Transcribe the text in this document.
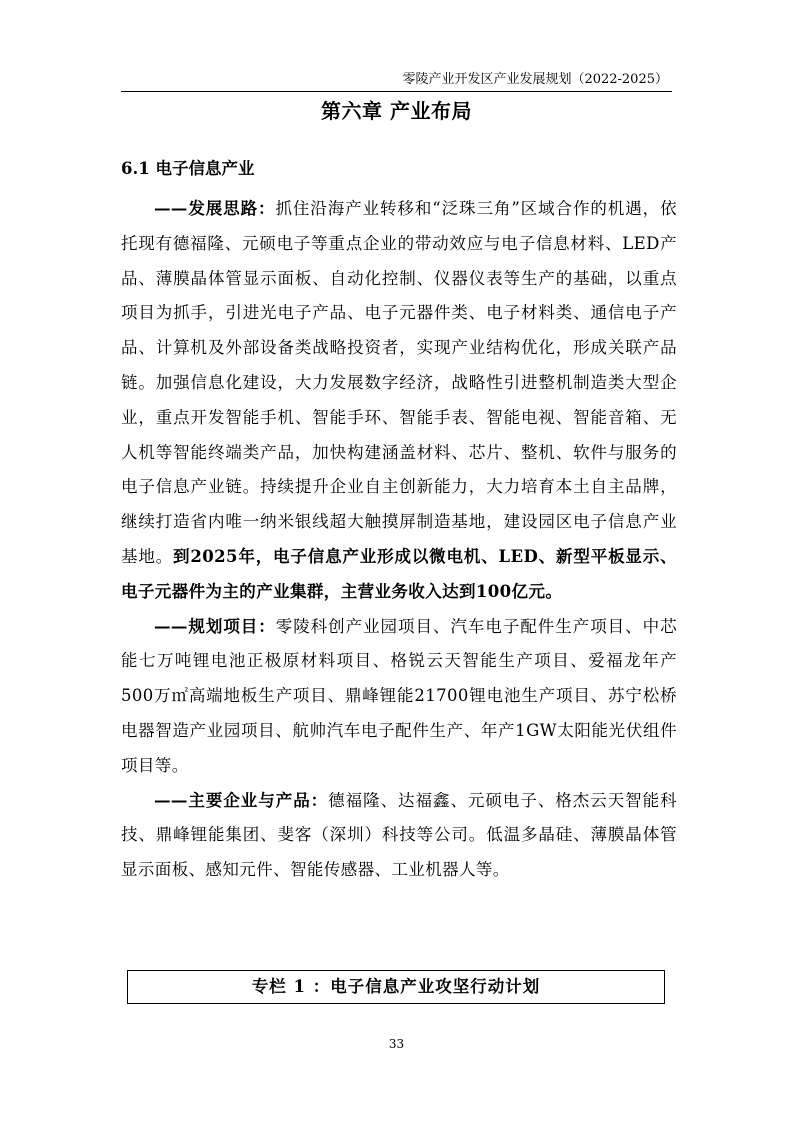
零陵产业开发区产业发展规划（2022-2025）
第六章 产业布局
6.1 电子信息产业

——发展思路：抓住沿海产业转移和“泛珠三角”区域合作的机遇，依托现有德福隆、元硕电子等重点企业的带动效应与电子信息材料、LED产品、薄膜晶体管显示面板、自动化控制、仪器仪表等生产的基础，以重点项目为抓手，引进光电子产品、电子元器件类、电子材料类、通信电子产品、计算机及外部设备类战略投资者，实现产业结构优化，形成关联产品链。加强信息化建设，大力发展数字经济，战略性引进整机制造类大型企业，重点开发智能手机、智能手环、智能手表、智能电视、智能音箱、无人机等智能终端类产品，加快构建涵盖材料、芯片、整机、软件与服务的电子信息产业链。持续提升企业自主创新能力，大力培育本土自主品牌，继续打造省内唯一纳米银线超大触摸屏制造基地，建设园区电子信息产业基地。到2025年，电子信息产业形成以微电机、LED、新型平板显示、电子元器件为主的产业集群，主营业务收入达到100亿元。

——规划项目：零陵科创产业园项目、汽车电子配件生产项目、中芯能七万吨锂电池正极原材料项目、格锐云天智能生产项目、爱福龙年产500万㎡高端地板生产项目、鼎峰锂能21700锂电池生产项目、苏宁松桥电器智造产业园项目、航帅汽车电子配件生产、年产1GW太阳能光伏组件项目等。

——主要企业与产品：德福隆、达福鑫、元硕电子、格杰云天智能科技、鼎峰锂能集团、斐客（深圳）科技等公司。低温多晶硅、薄膜晶体管显示面板、感知元件、智能传感器、工业机器人等。

专栏 1 ：电子信息产业攻坚行动计划
33
